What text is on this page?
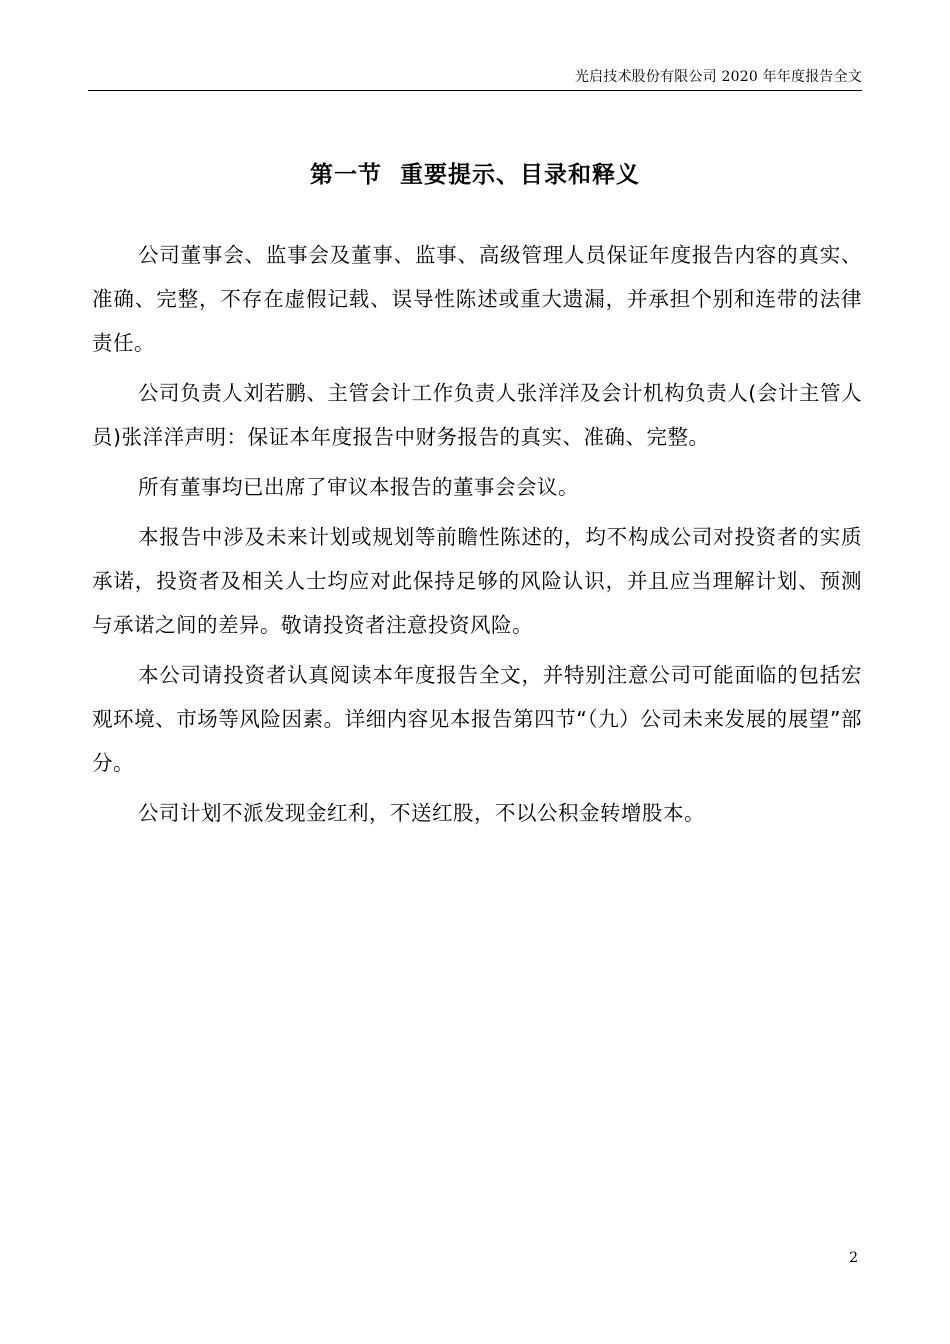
光启技术股份有限公司 2020 年年度报告全文
第一节  重要提示、目录和释义

公司董事会、监事会及董事、监事、高级管理人员保证年度报告内容的真实、准确、完整，不存在虚假记载、误导性陈述或重大遗漏，并承担个别和连带的法律责任。

公司负责人刘若鹏、主管会计工作负责人张洋洋及会计机构负责人(会计主管人员)张洋洋声明：保证本年度报告中财务报告的真实、准确、完整。

所有董事均已出席了审议本报告的董事会会议。

本报告中涉及未来计划或规划等前瞻性陈述的，均不构成公司对投资者的实质承诺，投资者及相关人士均应对此保持足够的风险认识，并且应当理解计划、预测与承诺之间的差异。敬请投资者注意投资风险。

本公司请投资者认真阅读本年度报告全文，并特别注意公司可能面临的包括宏观环境、市场等风险因素。详细内容见本报告第四节“（九）公司未来发展的展望”部分。

公司计划不派发现金红利，不送红股，不以公积金转增股本。

2
